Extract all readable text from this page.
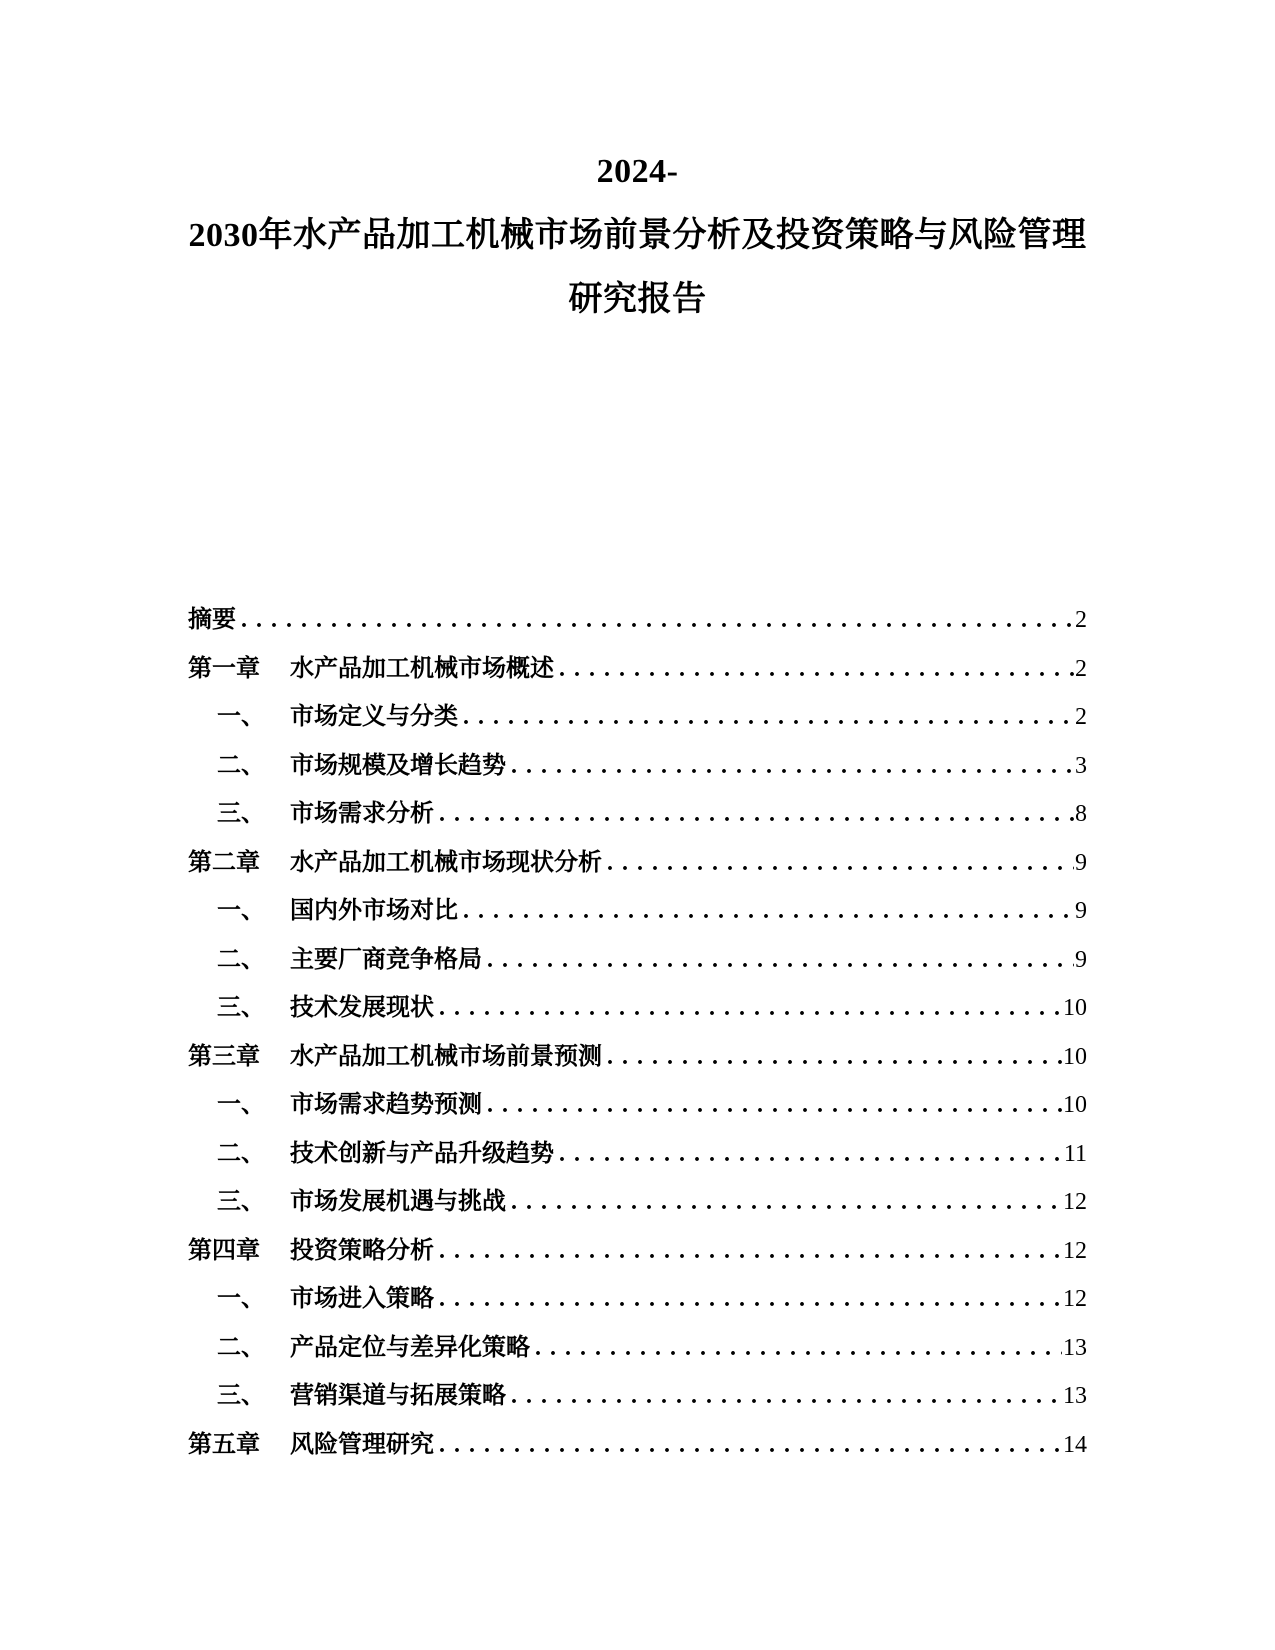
2024-
2030年水产品加工机械市场前景分析及投资策略与风险管理
研究报告
摘要 .....	2
第一章	水产品加工机械市场概述 .....	2
一、	市场定义与分类 .....	2
二、	市场规模及增长趋势 .....	3
三、	市场需求分析 .....	8
第二章	水产品加工机械市场现状分析 .....	9
一、	国内外市场对比 .....	9
二、	主要厂商竞争格局 .....	9
三、	技术发展现状 .....	10
第三章	水产品加工机械市场前景预测 .....	10
一、	市场需求趋势预测 .....	10
二、	技术创新与产品升级趋势 .....	11
三、	市场发展机遇与挑战 .....	12
第四章	投资策略分析 .....	12
一、	市场进入策略 .....	12
二、	产品定位与差异化策略 .....	13
三、	营销渠道与拓展策略 .....	13
第五章	风险管理研究 .....	14
